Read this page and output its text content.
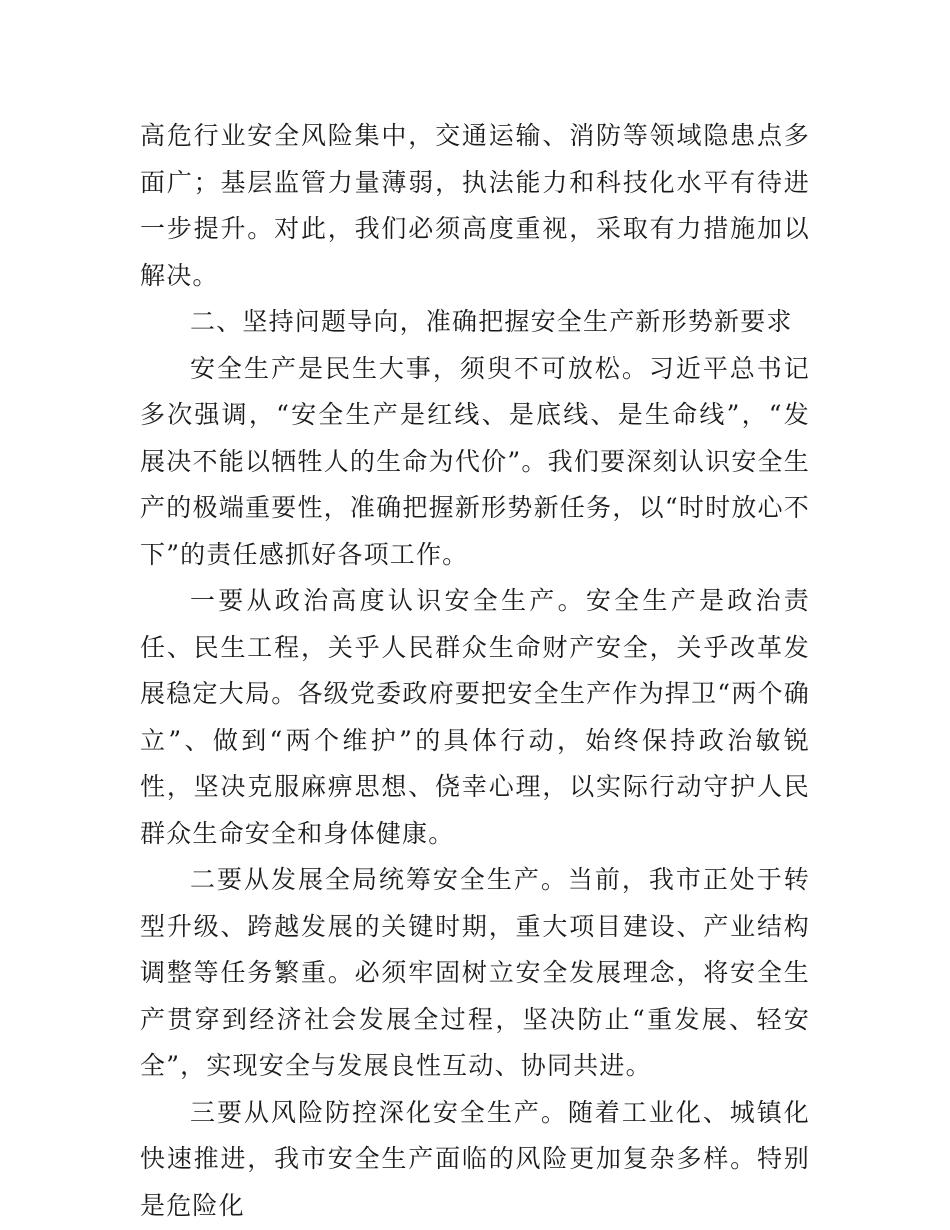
高危行业安全风险集中，交通运输、消防等领域隐患点多面广；基层监管力量薄弱，执法能力和科技化水平有待进一步提升。对此，我们必须高度重视，采取有力措施加以解决。

二、坚持问题导向，准确把握安全生产新形势新要求

安全生产是民生大事，须臾不可放松。习近平总书记多次强调，“安全生产是红线、是底线、是生命线”，“发展决不能以牺牲人的生命为代价”。我们要深刻认识安全生产的极端重要性，准确把握新形势新任务，以“时时放心不下”的责任感抓好各项工作。

一要从政治高度认识安全生产。安全生产是政治责任、民生工程，关乎人民群众生命财产安全，关乎改革发展稳定大局。各级党委政府要把安全生产作为捍卫“两个确立”、做到“两个维护”的具体行动，始终保持政治敏锐性，坚决克服麻痹思想、侥幸心理，以实际行动守护人民群众生命安全和身体健康。

二要从发展全局统筹安全生产。当前，我市正处于转型升级、跨越发展的关键时期，重大项目建设、产业结构调整等任务繁重。必须牢固树立安全发展理念，将安全生产贯穿到经济社会发展全过程，坚决防止“重发展、轻安全”，实现安全与发展良性互动、协同共进。

三要从风险防控深化安全生产。随着工业化、城镇化快速推进，我市安全生产面临的风险更加复杂多样。特别是危险化
